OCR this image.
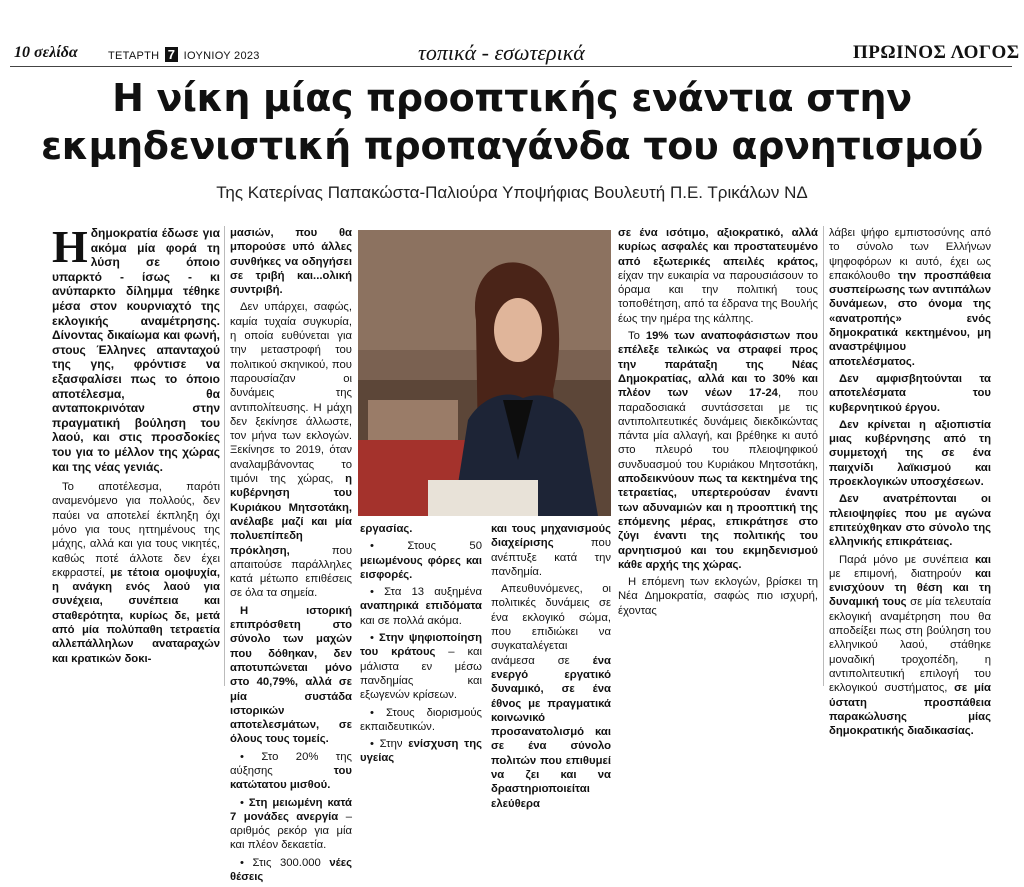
10 σελίδα	ΤΕΤΑΡΤΗ 7 ΙΟΥΝΙΟΥ 2023	τοπικά - εσωτερικά	ΠΡΩΙΝΟΣ ΛΟΓΟΣ
Η νίκη μίας προοπτικής ενάντια στην
εκμηδενιστική προπαγάνδα του αρνητισμού
Της Κατερίνας Παπακώστα-Παλιούρα Υποψήφιας Βουλευτή Π.Ε. Τρικάλων ΝΔ

Ηδημοκρατία έδωσε για ακόμα μία φορά τη λύση σε όποιο υπαρκτό - ίσως - κι ανύπαρκτο δίλημμα τέθηκε μέσα στον κουρνιαχτό της εκλογικής αναμέτρησης. Δίνοντας δικαίωμα και φωνή, στους Έλληνες απανταχού της γης, φρόντισε να εξασφαλίσει πως το όποιο αποτέλεσμα, θα ανταποκρινόταν στην πραγματική βούληση του λαού, και στις προσδοκίες του για το μέλλον της χώρας και της νέας γενιάς.

Το αποτέλεσμα, παρότι αναμενόμενο για πολλούς, δεν παύει να αποτελεί έκπληξη όχι μόνο για τους ηττημένους της μάχης, αλλά και για τους νικητές, καθώς ποτέ άλλοτε δεν έχει εκφραστεί, με τέτοια ομοψυχία, η ανάγκη ενός λαού για συνέχεια, συνέπεια και σταθερότητα, κυρίως δε, μετά από μία πολύπαθη τετραετία αλλεπάλληλων αναταραχών και κρατικών δοκι-

μασιών, που θα μπορούσε υπό άλλες συνθήκες να οδηγήσει σε τριβή και...ολική συντριβή.

Δεν υπάρχει, σαφώς, καμία τυχαία συγκυρία, η οποία ευθύνεται για την μεταστροφή του πολιτικού σκηνικού, που παρουσίαζαν οι δυνάμεις της αντιπολίτευσης. Η μάχη δεν ξεκίνησε άλλωστε, τον μήνα των εκλογών. Ξεκίνησε το 2019, όταν αναλαμβάνοντας το τιμόνι της χώρας, η κυβέρνηση του Κυριάκου Μητσοτάκη, ανέλαβε μαζί και μία πολυεπίπεδη πρόκληση, που απαιτούσε παράλληλες κατά μέτωπο επιθέσεις σε όλα τα σημεία.

Η ιστορική επιπρόσθετη στο σύνολο των μαχών που δόθηκαν, δεν αποτυπώνεται μόνο στο 40,79%, αλλά σε μία συστάδα ιστορικών αποτελεσμάτων, σε όλους τους τομείς.

• Στο 20% της αύξησης του κατώτατου μισθού.

• Στη μειωμένη κατά 7 μονάδες ανεργία – αριθμός ρεκόρ για μία και πλέον δεκαετία.

• Στις 300.000 νέες θέσεις

εργασίας.

• Στους 50 μειωμένους φόρες και εισφορές.

• Στα 13 αυξημένα αναπηρικά επιδόματα και σε πολλά ακόμα.

• Στην ψηφιοποίηση του κράτους – και μάλιστα εν μέσω πανδημίας και εξωγενών κρίσεων.

• Στους διορισμούς εκπαιδευτικών.

• Στην ενίσχυση της υγείας

και τους μηχανισμούς διαχείρισης που ανέπτυξε κατά την πανδημία.

Απευθυνόμενες, οι πολιτικές δυνάμεις σε ένα εκλογικό σώμα, που επιδιώκει να συγκαταλέγεται ανάμεσα σε ένα ενεργό εργατικό δυναμικό, σε ένα έθνος με πραγματικά κοινωνικό προσανατολισμό και σε ένα σύνολο πολιτών που επιθυμεί να ζει και να δραστηριοποιείται ελεύθερα

σε ένα ισότιμο, αξιοκρατικό, αλλά κυρίως ασφαλές και προστατευμένο από εξωτερικές απειλές κράτος, είχαν την ευκαιρία να παρουσιάσουν το όραμα και την πολιτική τους τοποθέτηση, από τα έδρανα της Βουλής έως την ημέρα της κάλπης.

Το 19% των αναποφάσιστων που επέλεξε τελικώς να στραφεί προς την παράταξη της Νέας Δημοκρατίας, αλλά και το 30% και πλέον των νέων 17-24, που παραδοσιακά συντάσσεται με τις αντιπολιτευτικές δυνάμεις διεκδικώντας πάντα μία αλλαγή, και βρέθηκε κι αυτό στο πλευρό του πλειοψηφικού συνδυασμού του Κυριάκου Μητσοτάκη, αποδεικνύουν πως τα κεκτημένα της τετραετίας, υπερτερούσαν έναντι των αδυναμιών και η προοπτική της επόμενης μέρας, επικράτησε στο ζύγι έναντι της πολιτικής του αρνητισμού και του εκμηδενισμού κάθε αρχής της χώρας.

Η επόμενη των εκλογών, βρίσκει τη Νέα Δημοκρατία, σαφώς πιο ισχυρή, έχοντας

λάβει ψήφο εμπιστοσύνης από το σύνολο των Ελλήνων ψηφοφόρων κι αυτό, έχει ως επακόλουθο την προσπάθεια συσπείρωσης των αντιπάλων δυνάμεων, στο όνομα της «ανατροπής» ενός δημοκρατικά κεκτημένου, μη αναστρέψιμου αποτελέσματος.

Δεν αμφισβητούνται τα αποτελέσματα του κυβερνητικού έργου.

Δεν κρίνεται η αξιοπιστία μιας κυβέρνησης από τη συμμετοχή της σε ένα παιχνίδι λαϊκισμού και προεκλογικών υποσχέσεων.

Δεν ανατρέπονται οι πλειοψηφίες που με αγώνα επιτεύχθηκαν στο σύνολο της ελληνικής επικράτειας.

Παρά μόνο με συνέπεια και με επιμονή, διατηρούν και ενισχύουν τη θέση και τη δυναμική τους σε μία τελευταία εκλογική αναμέτρηση που θα αποδείξει πως στη βούληση του ελληνικού λαού, στάθηκε μοναδική τροχοπέδη, η αντιπολιτευτική επιλογή του εκλογικού συστήματος, σε μία ύστατη προσπάθεια παρακώλυσης μίας δημοκρατικής διαδικασίας.
